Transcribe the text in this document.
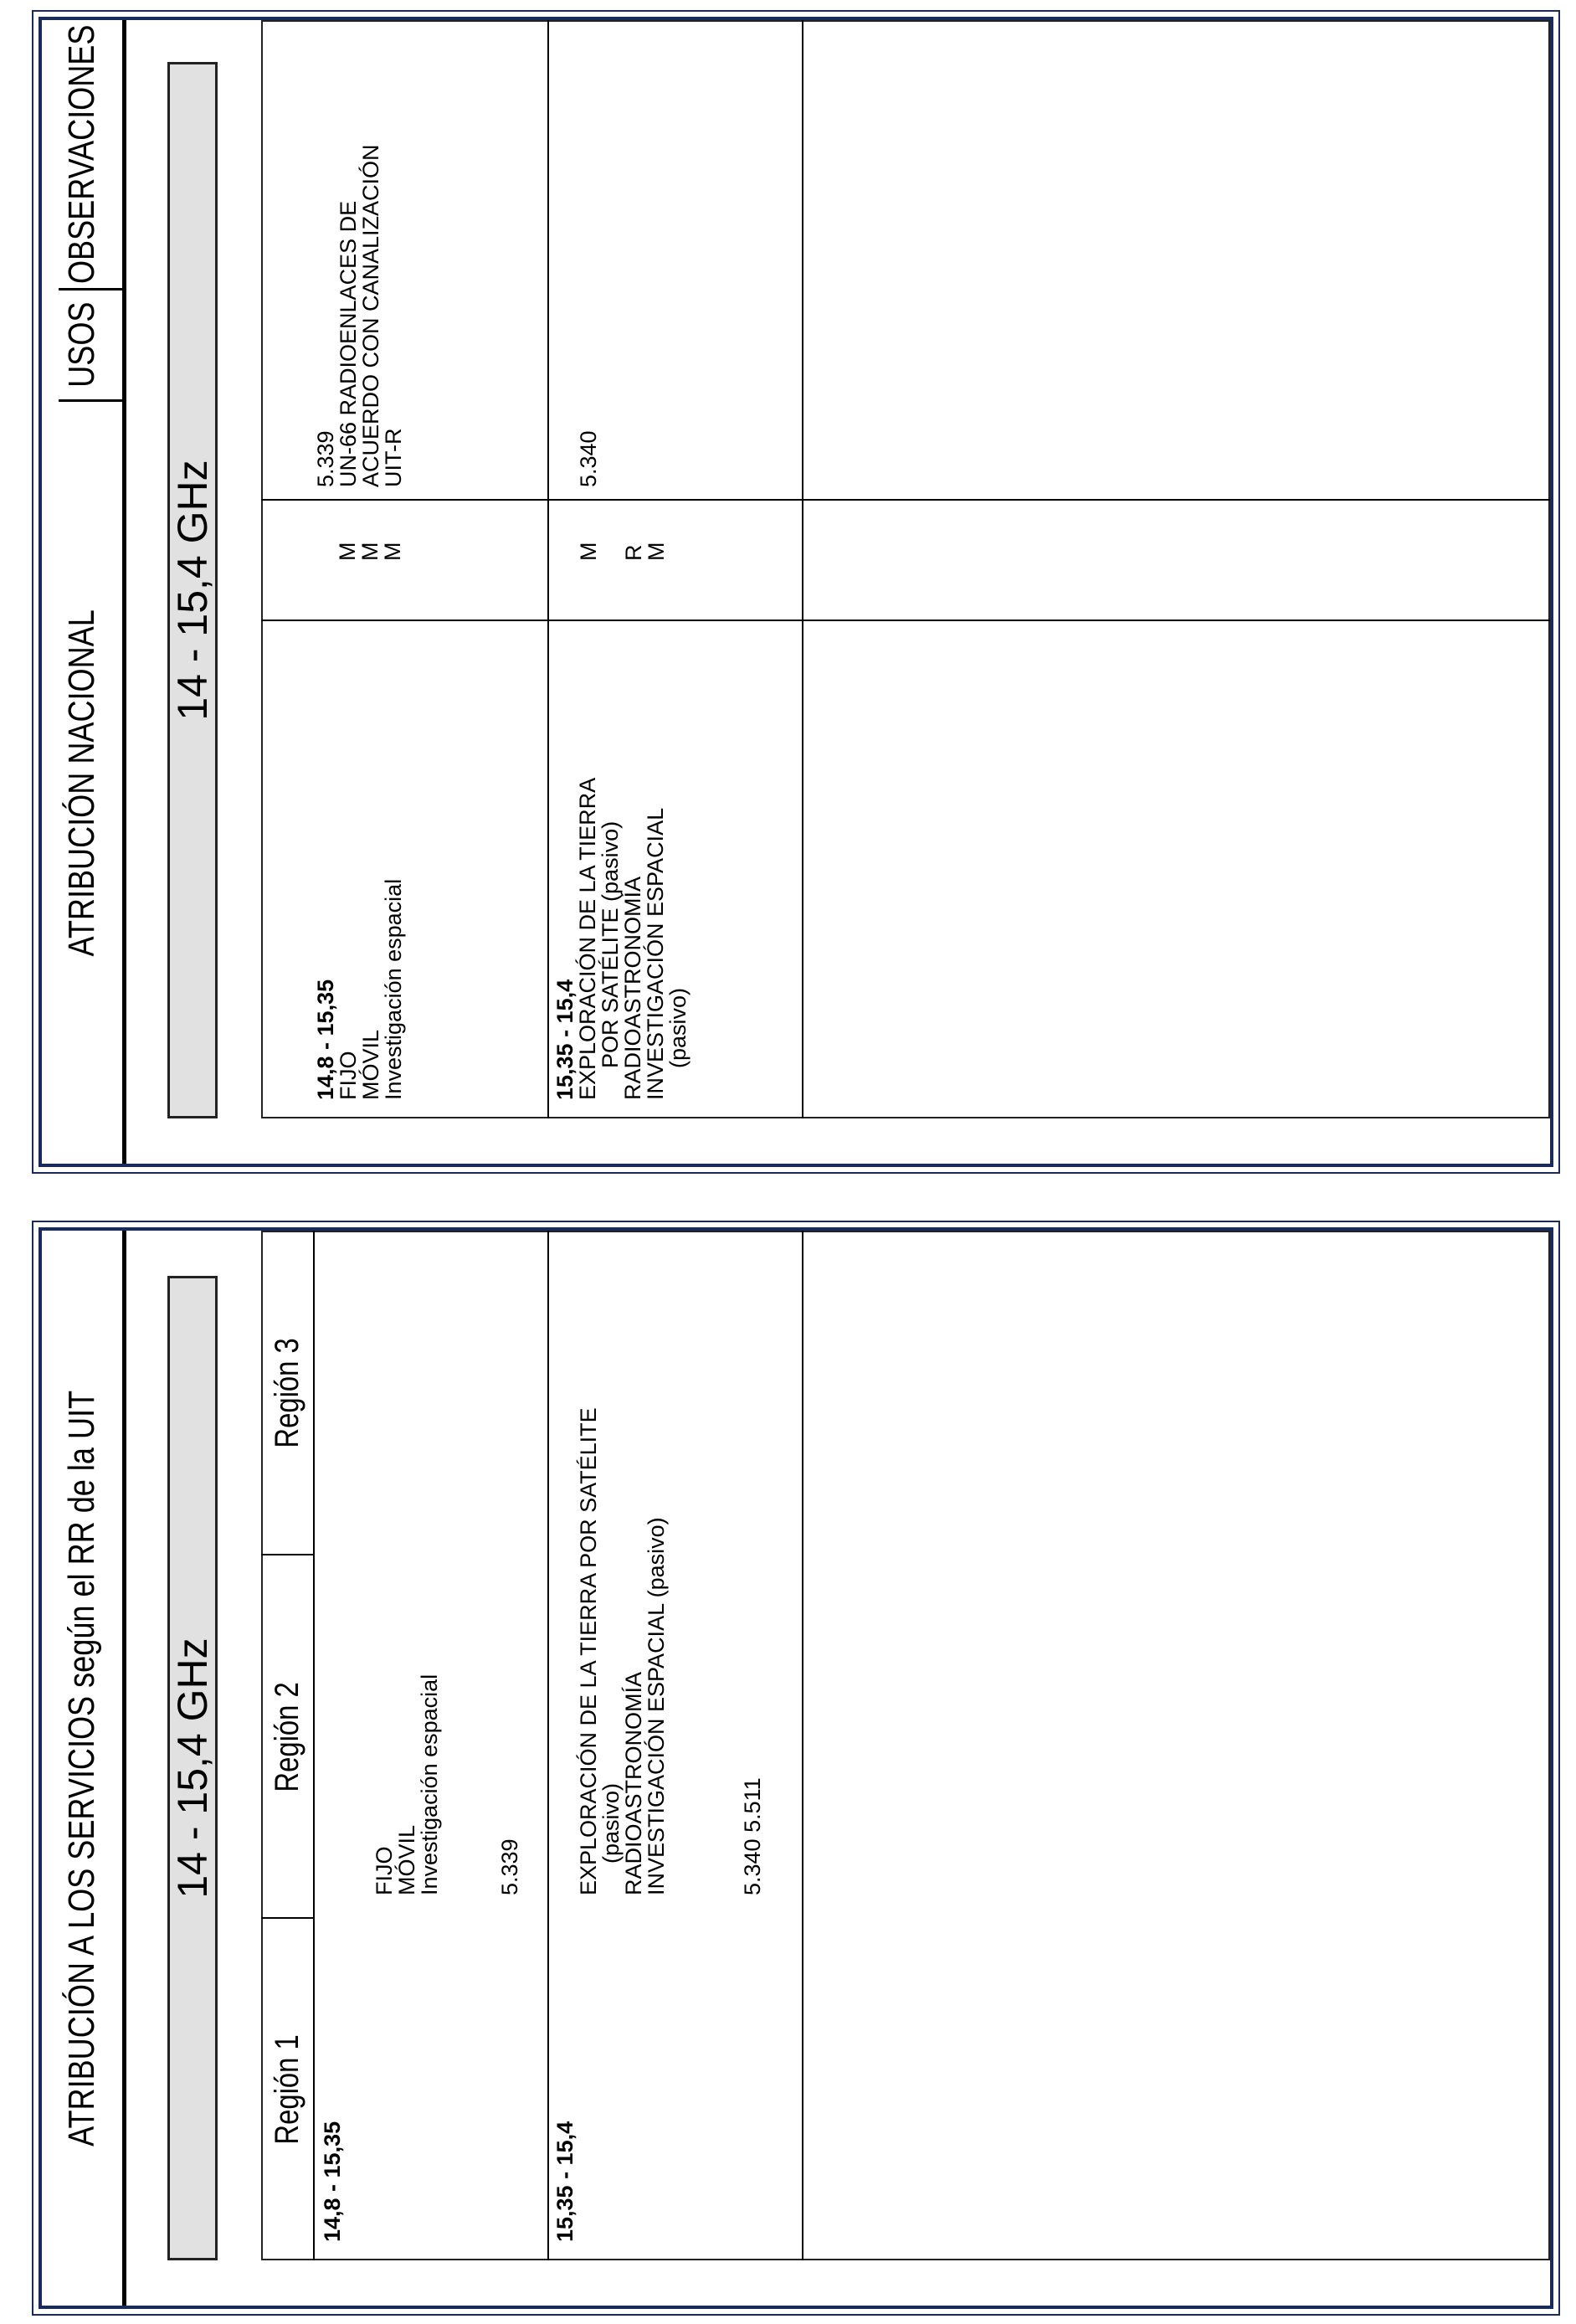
ATRIBUCIÓN NACIONAL
USOS
OBSERVACIONES
14 - 15,4 GHz
14,8 - 15,35
FIJO
MÓVIL
Investigación espacial
M
M
M
5.339
UN-66 RADIOENLACES DE
ACUERDO CON CANALIZACIÓN
UIT-R
15,35 - 15,4
EXPLORACIÓN DE LA TIERRA
POR SATÉLITE (pasivo)
RADIOASTRONOMÍA
INVESTIGACIÓN ESPACIAL
(pasivo)
M
R
M
5.340
ATRIBUCIÓN A LOS SERVICIOS según el RR de la UIT 14 - 15,4 GHz
Región 1
Región 2
Región 3
14,8 - 15,35
FIJO
MÓVIL
Investigación espacial 5.339
15,35 - 15,4
EXPLORACIÓN DE LA TIERRA POR SATÉLITE
(pasivo)
RADIOASTRONOMÍA
INVESTIGACIÓN ESPACIAL (pasivo)	5.340 5.511
